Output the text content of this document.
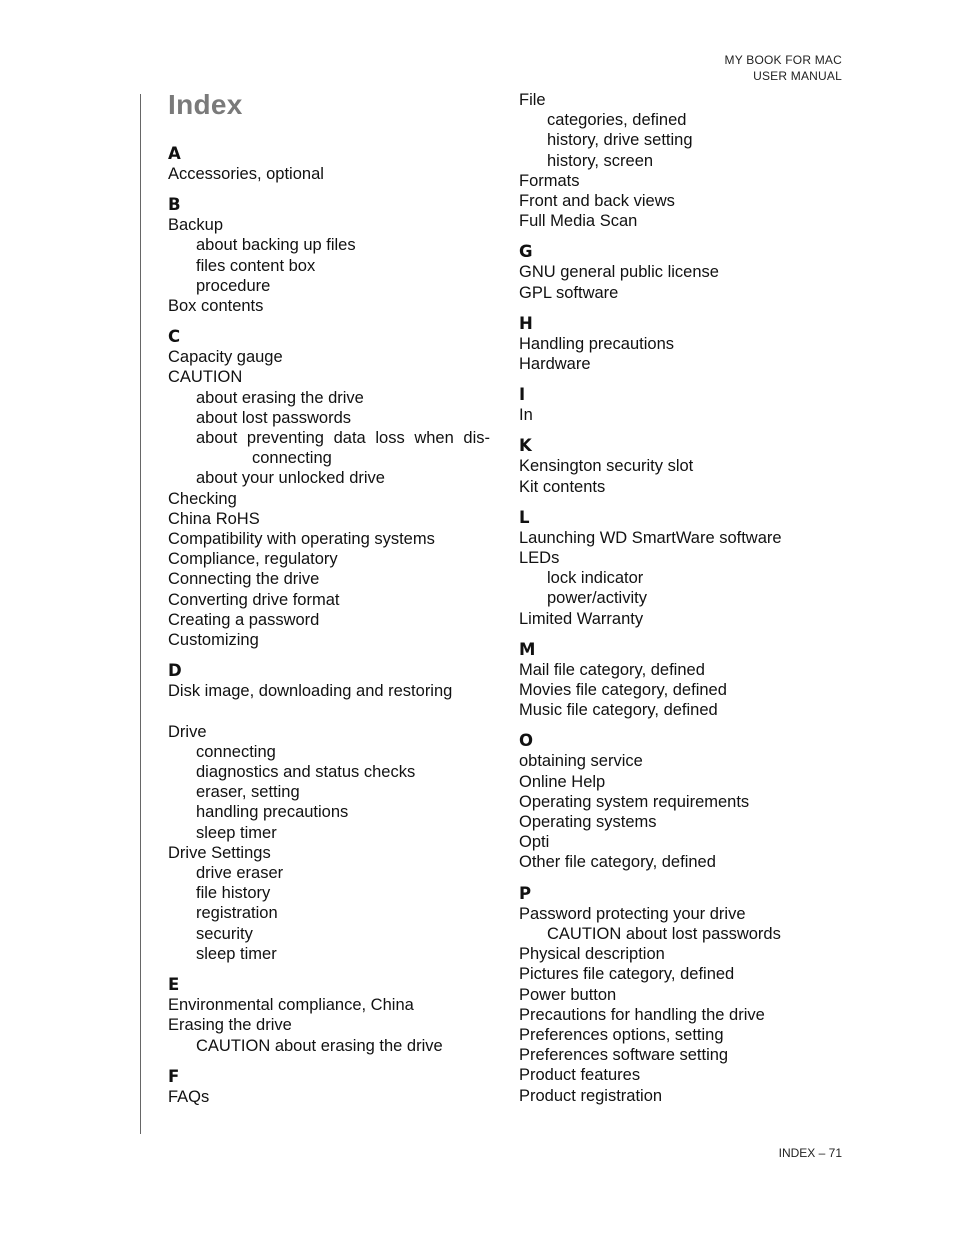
MY BOOK FOR MAC
USER MANUAL
Index
A
Accessories, optional
B
Backup
about backing up files
files content box
procedure
Box contents
C
Capacity gauge
CAUTION
about erasing the drive
about lost passwords
about preventing data loss when dis-
connecting
about your unlocked drive
Checking
China RoHS
Compatibility with operating systems
Compliance, regulatory
Connecting the drive
Converting drive format
Creating a password
Customizing
D
Disk image, downloading and restoring
Drive
connecting
diagnostics and status checks
eraser, setting
handling precautions
sleep timer
Drive Settings
drive eraser
file history
registration
security
sleep timer
E
Environmental compliance, China
Erasing the drive
CAUTION about erasing the drive
F
FAQs
File
categories, defined
history, drive setting
history, screen
Formats
Front and back views
Full Media Scan
G
GNU general public license
GPL software
H
Handling precautions
Hardware
I
In
K
Kensington security slot
Kit contents
L
Launching WD SmartWare software
LEDs
lock indicator
power/activity
Limited Warranty
M
Mail file category, defined
Movies file category, defined
Music file category, defined
O
obtaining service
Online Help
Operating system requirements
Operating systems
Opti
Other file category, defined
P
Password protecting your drive
CAUTION about lost passwords
Physical description
Pictures file category, defined
Power button
Precautions for handling the drive
Preferences options, setting
Preferences software setting
Product features
Product registration
INDEX – 71
